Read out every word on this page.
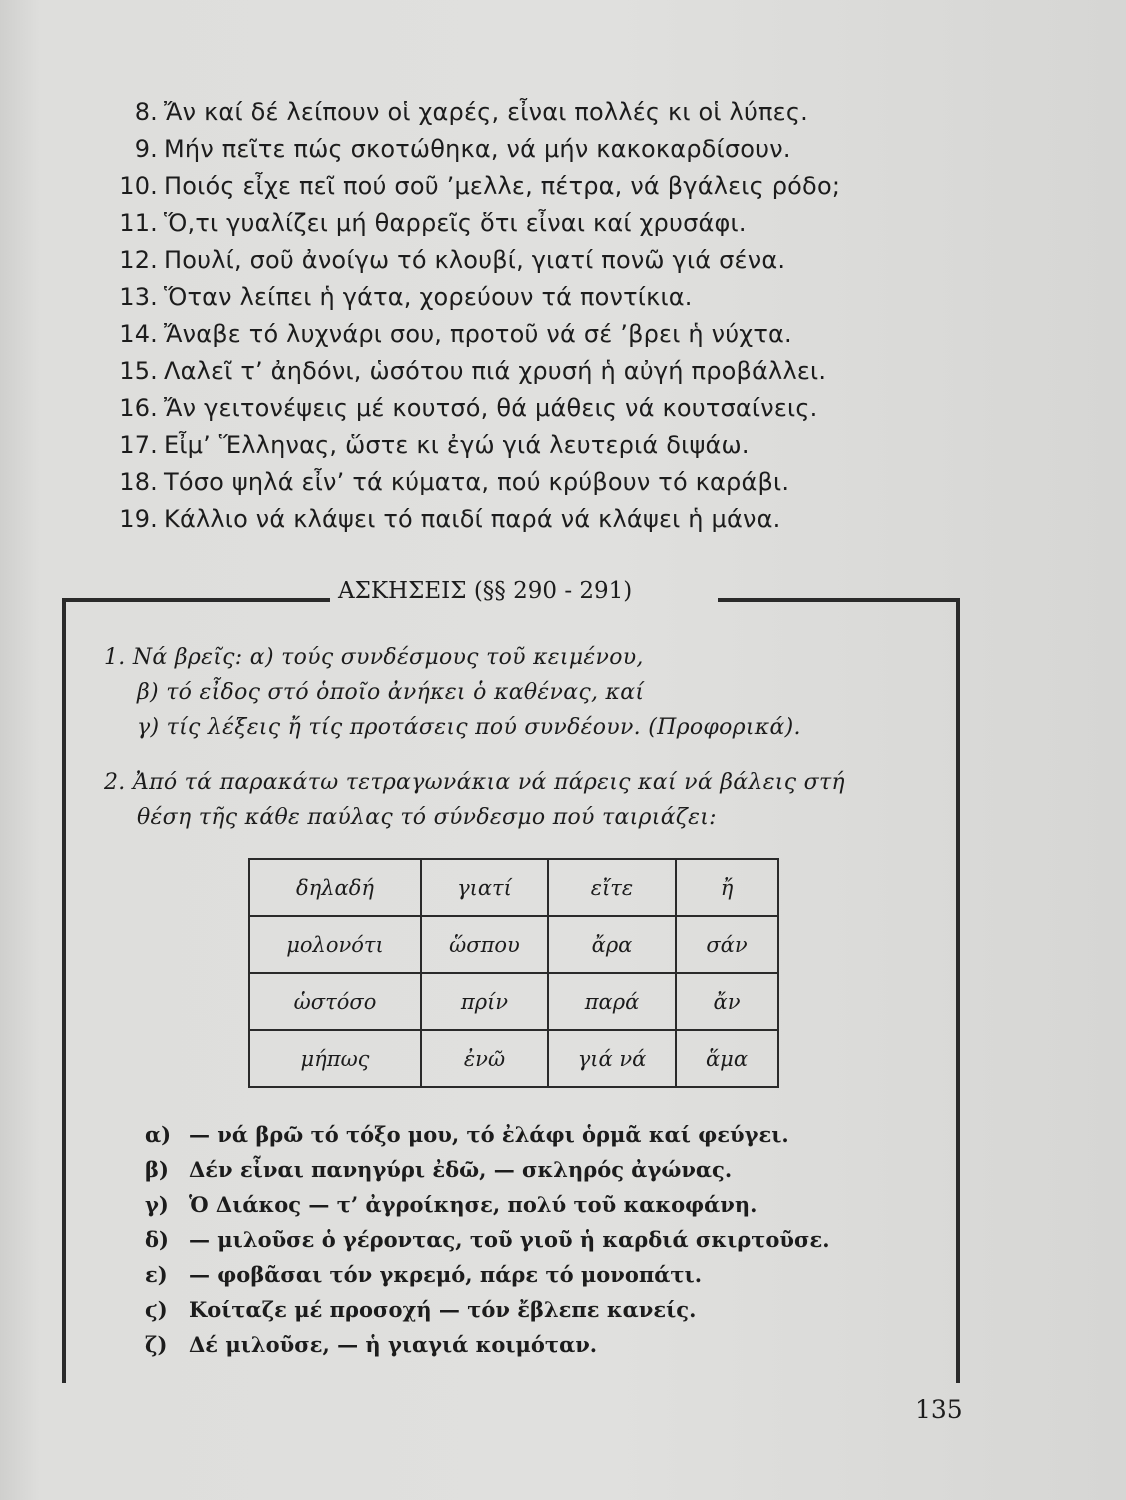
8. Ἄν καί δέ λείπουν οἱ χαρές, εἶναι πολλές κι οἱ λύπες.
9. Μήν πεῖτε πώς σκοτώθηκα, νά μήν κακοκαρδίσουν.
10. Ποιός εἶχε πεῖ πού σοῦ ’μελλε, πέτρα, νά βγάλεις ρόδο;
11. Ὅ,τι γυαλίζει μή θαρρεῖς ὅτι εἶναι καί χρυσάφι.
12. Πουλί, σοῦ ἀνοίγω τό κλουβί, γιατί πονῶ γιά σένα.
13. Ὅταν λείπει ἡ γάτα, χορεύουν τά ποντίκια.
14. Ἄναβε τό λυχνάρι σου, προτοῦ νά σέ ’βρει ἡ νύχτα.
15. Λαλεῖ τ’ ἀηδόνι, ὡσότου πιά χρυσή ἡ αὐγή προβάλλει.
16. Ἄν γειτονέψεις μέ κουτσό, θά μάθεις νά κουτσαίνεις.
17. Εἶμ’ Ἕλληνας, ὥστε κι ἐγώ γιά λευτεριά διψάω.
18. Τόσο ψηλά εἶν’ τά κύματα, πού κρύβουν τό καράβι.
19. Κάλλιο νά κλάψει τό παιδί παρά νά κλάψει ἡ μάνα.
ΑΣΚΗΣΕΙΣ (§§ 290 - 291)
1. Νά βρεῖς: α) τούς συνδέσμους τοῦ κειμένου,
β) τό εἶδος στό ὁποῖο ἀνήκει ὁ καθένας, καί
γ) τίς λέξεις ἤ τίς προτάσεις πού συνδέουν. (Προφορικά).
2. Ἀπό τά παρακάτω τετραγωνάκια νά πάρεις καί νά βάλεις στή
θέση τῆς κάθε παύλας τό σύνδεσμο πού ταιριάζει:
δηλαδή	γιατί	εἴτε	ἤ
μολονότι	ὥσπου	ἄρα	σάν
ὡστόσο	πρίν	παρά	ἄν
μήπως	ἐνῶ	γιά νά	ἅμα
α) — νά βρῶ τό τόξο μου, τό ἐλάφι ὁρμᾶ καί φεύγει.
β) Δέν εἶναι πανηγύρι ἐδῶ, — σκληρός ἀγώνας.
γ) Ὁ Διάκος — τ’ ἀγροίκησε, πολύ τοῦ κακοφάνη.
δ) — μιλοῦσε ὁ γέροντας, τοῦ γιοῦ ἡ καρδιά σκιρτοῦσε.
ε)	— φοβᾶσαι τόν γκρεμό, πάρε τό μονοπάτι.
ϛ)	Κοίταζε μέ προσοχή — τόν ἔβλεπε κανείς.
ζ)	Δέ μιλοῦσε, — ἡ γιαγιά κοιμόταν.
135
